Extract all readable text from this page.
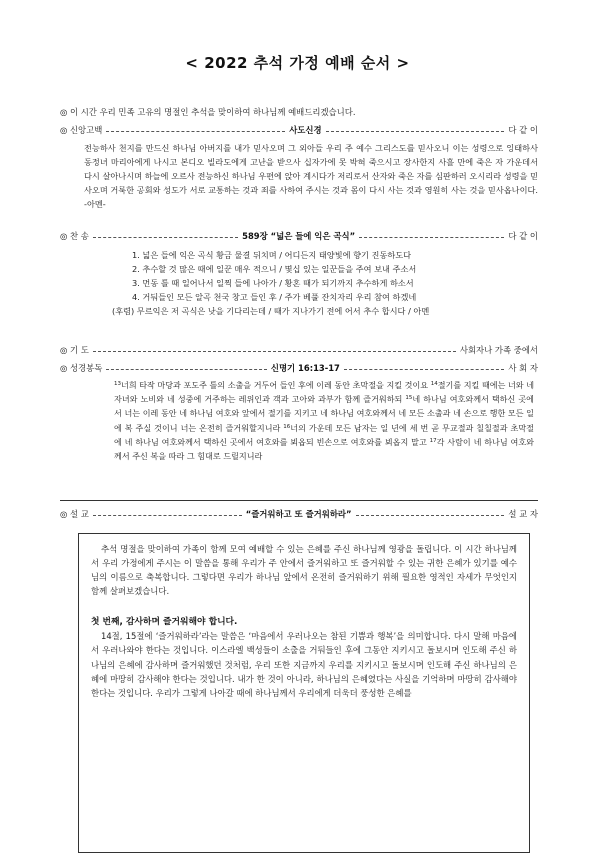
< 2022 추석 가정 예배 순서 >
◎ 이 시간 우리 민족 고유의 명절인 추석을 맞이하여 하나님께 예배드리겠습니다.
◎ 신앙고백	사도신경	다 같 이
전능하사 천지를 만드신 하나님 아버지를 내가 믿사오며 그 외아들 우리 주 예수 그리스도를 믿사오니 이는 성령으로 잉태하사 동정녀 마리아에게 나시고 본디오 빌라도에게 고난을 받으사 십자가에 못 박혀 죽으시고 장사한지 사흘 만에 죽은 자 가운데서 다시 살아나시며 하늘에 오르사 전능하신 하나님 우편에 앉아 계시다가 저리로서 산자와 죽은 자를 심판하러 오시리라 성령을 믿사오며 거룩한 공회와 성도가 서로 교통하는 것과 죄를 사하여 주시는 것과 몸이 다시 사는 것과 영원히 사는 것을 믿사옵나이다. -아멘-
◎ 찬 송	589장 “넓은 들에 익은 곡식”	다 같 이
1. 넓은 들에 익은 곡식 황금 물결 뒤치며 / 어디든지 태양빛에 향기 진동하도다
2. 추수할 것 많은 때에 일꾼 매우 적으니 / 몇십 있는 일꾼들을 주여 보내 주소서
3. 먼동 틀 때 일어나서 일찍 들에 나아가 / 황혼 때가 되기까지 추수하게 하소서
4. 거둬들인 모든 알곡 천국 창고 들인 후 / 주가 베풀 잔치자리 우리 참여 하겠네
(후렴) 무르익은 저 곡식은 낫을 기다리는데 / 때가 지나가기 전에 어서 추수 합시다 / 아멘
◎ 기 도	사회자나 가족 중에서
◎ 성경봉독	신명기 16:13-17	사 회 자
$^{13}$너희 타작 마당과 포도주 틀의 소출을 거두어 들인 후에 이레 동안 초막절을 지킬 것이요 $^{14}$절기를 지킬 때에는 너와 네 자녀와 노비와 네 성중에 거주하는 레위인과 객과 고아와 과부가 함께 즐거워하되 $^{15}$네 하나님 여호와께서 택하신 곳에서 너는 이레 동안 네 하나님 여호와 앞에서 절기를 지키고 네 하나님 여호와께서 네 모든 소출과 네 손으로 행한 모든 일에 복 주실 것이니 너는 온전히 즐거워할지니라 $^{16}$너의 가운데 모든 남자는 일 년에 세 번 곧 무교절과 칠칠절과 초막절에 네 하나님 여호와께서 택하신 곳에서 여호와를 뵈옵되 빈손으로 여호와를 뵈옵지 말고 $^{17}$각 사람이 네 하나님 여호와께서 주신 복을 따라 그 힘대로 드릴지니라
◎ 설 교	“즐거워하고 또 즐거워하라”	설 교 자

추석 명절을 맞이하여 가족이 함께 모여 예배할 수 있는 은혜를 주신 하나님께 영광을 돌립니다. 이 시간 하나님께서 우리 가정에게 주시는 이 말씀을 통해 우리가 주 안에서 즐거워하고 또 즐거워할 수 있는 귀한 은혜가 있기를 예수님의 이름으로 축복합니다. 그렇다면 우리가 하나님 앞에서 온전히 즐거워하기 위해 필요한 영적인 자세가 무엇인지 함께 살펴보겠습니다.

첫 번째, 감사하며 즐거워해야 합니다.

14절, 15절에 ‘즐거워하라’라는 말씀은 ‘마음에서 우러나오는 참된 기쁨과 행복’을 의미합니다. 다시 말해 마음에서 우러나와야 한다는 것입니다. 이스라엘 백성들이 소출을 거둬들인 후에 그동안 지키시고 돌보시며 인도해 주신 하나님의 은혜에 감사하며 즐거워했던 것처럼, 우리 또한 지금까지 우리를 지키시고 돌보시며 인도해 주신 하나님의 은혜에 마땅히 감사해야 한다는 것입니다. 내가 한 것이 아니라, 하나님의 은혜였다는 사실을 기억하며 마땅히 감사해야 한다는 것입니다. 우리가 그렇게 나아갈 때에 하나님께서 우리에게 더욱더 풍성한 은혜를
